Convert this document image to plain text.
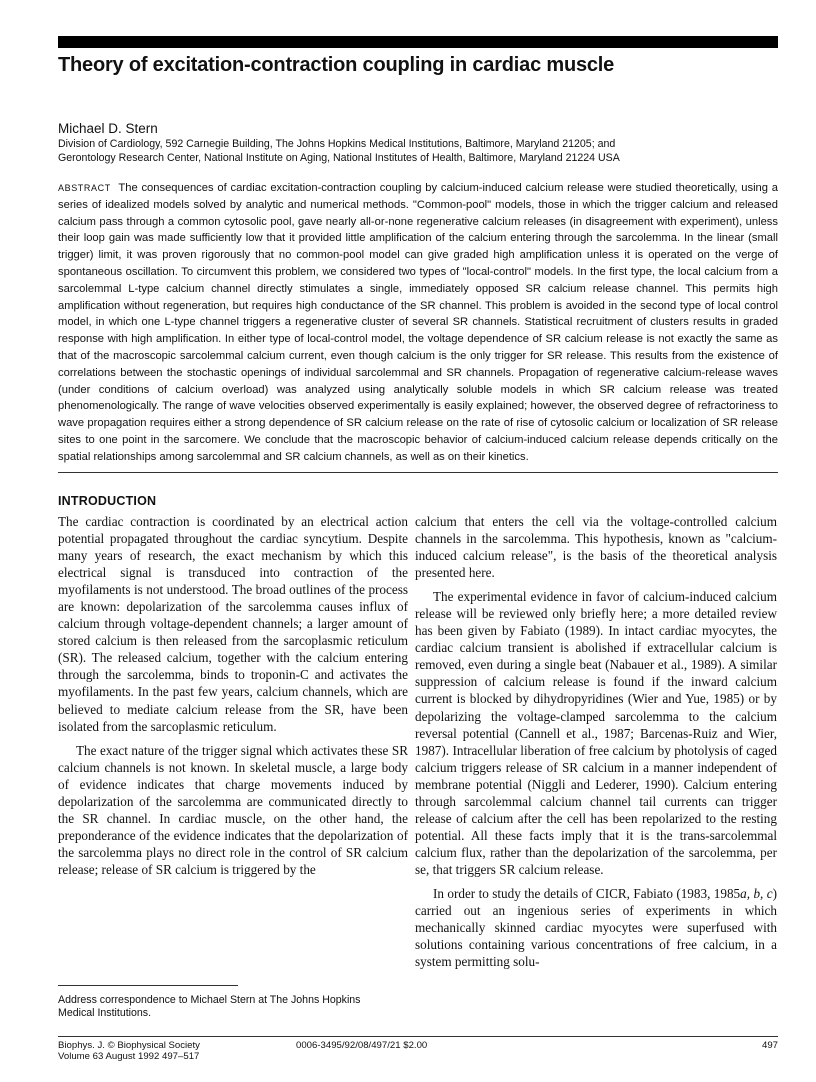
Theory of excitation-contraction coupling in cardiac muscle

Michael D. Stern

Division of Cardiology, 592 Carnegie Building, The Johns Hopkins Medical Institutions, Baltimore, Maryland 21205; and
Gerontology Research Center, National Institute on Aging, National Institutes of Health, Baltimore, Maryland 21224 USA

ABSTRACT The consequences of cardiac excitation-contraction coupling by calcium-induced calcium release were studied theoretically, using a series of idealized models solved by analytic and numerical methods. "Common-pool" models, those in which the trigger calcium and released calcium pass through a common cytosolic pool, gave nearly all-or-none regenerative calcium releases (in disagreement with experiment), unless their loop gain was made sufficiently low that it provided little amplification of the calcium entering through the sarcolemma. In the linear (small trigger) limit, it was proven rigorously that no common-pool model can give graded high amplification unless it is operated on the verge of spontaneous oscillation. To circumvent this problem, we considered two types of "local-control" models. In the first type, the local calcium from a sarcolemmal L-type calcium channel directly stimulates a single, immediately opposed SR calcium release channel. This permits high amplification without regeneration, but requires high conductance of the SR channel. This problem is avoided in the second type of local control model, in which one L-type channel triggers a regenerative cluster of several SR channels. Statistical recruitment of clusters results in graded response with high amplification. In either type of local-control model, the voltage dependence of SR calcium release is not exactly the same as that of the macroscopic sarcolemmal calcium current, even though calcium is the only trigger for SR release. This results from the existence of correlations between the stochastic openings of individual sarcolemmal and SR channels. Propagation of regenerative calcium-release waves (under conditions of calcium overload) was analyzed using analytically soluble models in which SR calcium release was treated phenomenologically. The range of wave velocities observed experimentally is easily explained; however, the observed degree of refractoriness to wave propagation requires either a strong dependence of SR calcium release on the rate of rise of cytosolic calcium or localization of SR release sites to one point in the sarcomere. We conclude that the macroscopic behavior of calcium-induced calcium release depends critically on the spatial relationships among sarcolemmal and SR calcium channels, as well as on their kinetics.

INTRODUCTION

The cardiac contraction is coordinated by an electrical action potential propagated throughout the cardiac syncytium. Despite many years of research, the exact mechanism by which this electrical signal is transduced into contraction of the myofilaments is not understood. The broad outlines of the process are known: depolarization of the sarcolemma causes influx of calcium through voltage-dependent channels; a larger amount of stored calcium is then released from the sarcoplasmic reticulum (SR). The released calcium, together with the calcium entering through the sarcolemma, binds to troponin-C and activates the myofilaments. In the past few years, calcium channels, which are believed to mediate calcium release from the SR, have been isolated from the sarcoplasmic reticulum.

The exact nature of the trigger signal which activates these SR calcium channels is not known. In skeletal muscle, a large body of evidence indicates that charge movements induced by depolarization of the sarcolemma are communicated directly to the SR channel. In cardiac muscle, on the other hand, the preponderance of the evidence indicates that the depolarization of the sarcolemma plays no direct role in the control of SR calcium release; release of SR calcium is triggered by the

calcium that enters the cell via the voltage-controlled calcium channels in the sarcolemma. This hypothesis, known as "calcium-induced calcium release", is the basis of the theoretical analysis presented here.

The experimental evidence in favor of calcium-induced calcium release will be reviewed only briefly here; a more detailed review has been given by Fabiato (1989). In intact cardiac myocytes, the cardiac calcium transient is abolished if extracellular calcium is removed, even during a single beat (Nabauer et al., 1989). A similar suppression of calcium release is found if the inward calcium current is blocked by dihydropyridines (Wier and Yue, 1985) or by depolarizing the voltage-clamped sarcolemma to the calcium reversal potential (Cannell et al., 1987; Barcenas-Ruiz and Wier, 1987). Intracellular liberation of free calcium by photolysis of caged calcium triggers release of SR calcium in a manner independent of membrane potential (Niggli and Lederer, 1990). Calcium entering through sarcolemmal calcium channel tail currents can trigger release of calcium after the cell has been repolarized to the resting potential. All these facts imply that it is the trans-sarcolemmal calcium flux, rather than the depolarization of the sarcolemma, per se, that triggers SR calcium release.

In order to study the details of CICR, Fabiato (1983, 1985a, b, c) carried out an ingenious series of experiments in which mechanically skinned cardiac myocytes were superfused with solutions containing various concentrations of free calcium, in a system permitting solu-

Address correspondence to Michael Stern at The Johns Hopkins Medical Institutions.
Biophys. J. © Biophysical Society
Volume 63 August 1992 497–517
0006-3495/92/08/497/21 $2.00	497
